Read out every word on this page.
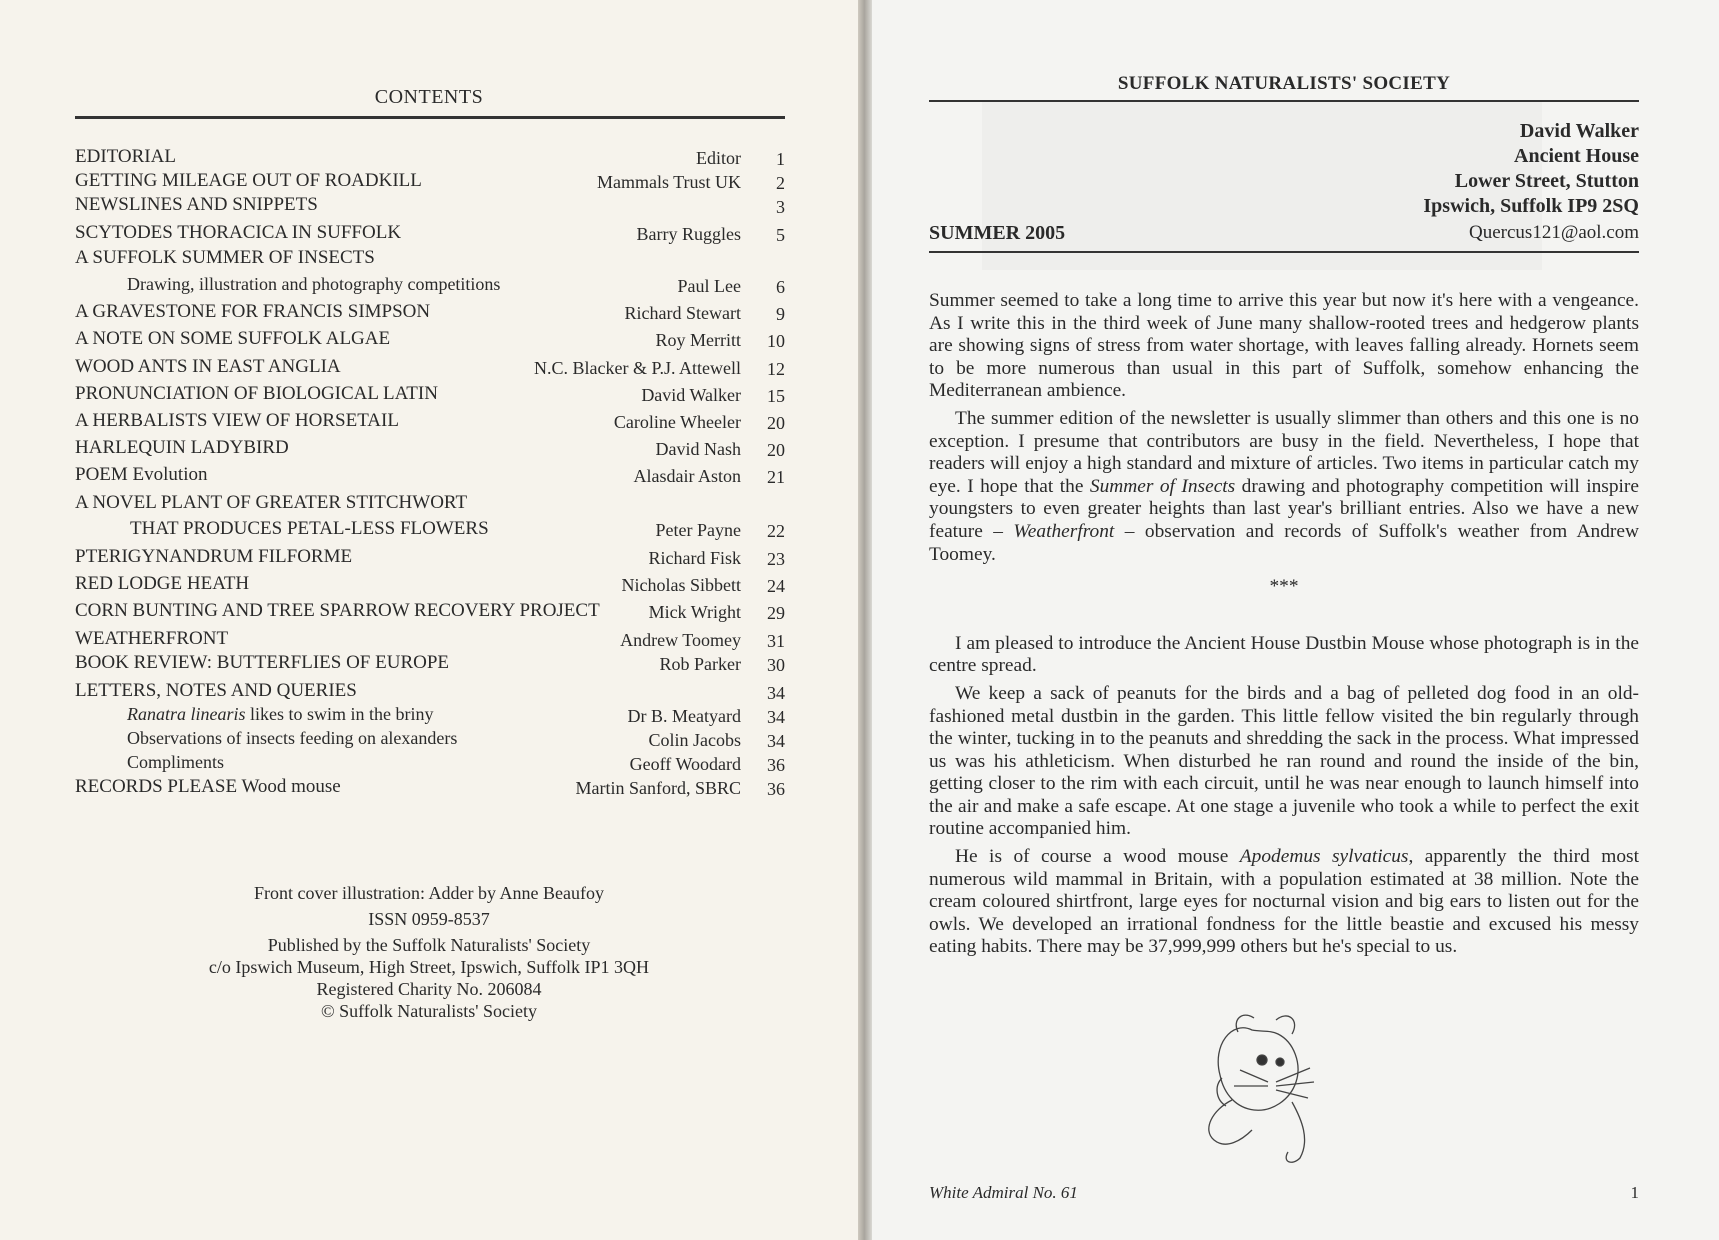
CONTENTS
EDITORIAL	Editor	1
GETTING MILEAGE OUT OF ROADKILL	Mammals Trust UK	2
NEWSLINES AND SNIPPETS	3
SCYTODES THORACICA IN SUFFOLK	Barry Ruggles	5
A SUFFOLK SUMMER OF INSECTS
Drawing, illustration and photography competitions	Paul Lee	6
A GRAVESTONE FOR FRANCIS SIMPSON	Richard Stewart	9
A NOTE ON SOME SUFFOLK ALGAE	Roy Merritt	10
WOOD ANTS IN EAST ANGLIA	N.C. Blacker & P.J. Attewell	12
PRONUNCIATION OF BIOLOGICAL LATIN	David Walker	15
A HERBALISTS VIEW OF HORSETAIL	Caroline Wheeler	20
HARLEQUIN LADYBIRD	David Nash	20
POEM Evolution	Alasdair Aston	21
A NOVEL PLANT OF GREATER STITCHWORT
THAT PRODUCES PETAL-LESS FLOWERS	Peter Payne	22
PTERIGYNANDRUM FILFORME	Richard Fisk	23
RED LODGE HEATH	Nicholas Sibbett	24
CORN BUNTING AND TREE SPARROW RECOVERY PROJECT	Mick Wright	29
WEATHERFRONT	Andrew Toomey	31
BOOK REVIEW: BUTTERFLIES OF EUROPE	Rob Parker	30
LETTERS, NOTES AND QUERIES	34
Ranatra linearis likes to swim in the briny	Dr B. Meatyard	34
Observations of insects feeding on alexanders	Colin Jacobs	34
Compliments	Geoff Woodard	36
RECORDS PLEASE Wood mouse	Martin Sanford, SBRC	36
Front cover illustration: Adder by Anne Beaufoy
ISSN 0959-8537
Published by the Suffolk Naturalists' Society
c/o Ipswich Museum, High Street, Ipswich, Suffolk IP1 3QH
Registered Charity No. 206084
© Suffolk Naturalists' Society
SUFFOLK NATURALISTS' SOCIETY
David Walker
Ancient House
Lower Street, Stutton
Ipswich, Suffolk IP9 2SQ
SUMMER 2005	Quercus121@aol.com

Summer seemed to take a long time to arrive this year but now it's here with a vengeance. As I write this in the third week of June many shallow-rooted trees and hedgerow plants are showing signs of stress from water shortage, with leaves falling already. Hornets seem to be more numerous than usual in this part of Suffolk, somehow enhancing the Mediterranean ambience.

The summer edition of the newsletter is usually slimmer than others and this one is no exception. I presume that contributors are busy in the field. Nevertheless, I hope that readers will enjoy a high standard and mixture of articles. Two items in particular catch my eye. I hope that the Summer of Insects drawing and photography competition will inspire youngsters to even greater heights than last year's brilliant entries. Also we have a new feature – Weatherfront – observation and records of Suffolk's weather from Andrew Toomey.

***

I am pleased to introduce the Ancient House Dustbin Mouse whose photograph is in the centre spread.

We keep a sack of peanuts for the birds and a bag of pelleted dog food in an old-fashioned metal dustbin in the garden. This little fellow visited the bin regularly through the winter, tucking in to the peanuts and shredding the sack in the process. What impressed us was his athleticism. When disturbed he ran round and round the inside of the bin, getting closer to the rim with each circuit, until he was near enough to launch himself into the air and make a safe escape. At one stage a juvenile who took a while to perfect the exit routine accompanied him.

He is of course a wood mouse Apodemus sylvaticus, apparently the third most numerous wild mammal in Britain, with a population estimated at 38 million. Note the cream coloured shirtfront, large eyes for nocturnal vision and big ears to listen out for the owls. We developed an irrational fondness for the little beastie and excused his messy eating habits. There may be 37,999,999 others but he's special to us.

White Admiral No. 61	1
